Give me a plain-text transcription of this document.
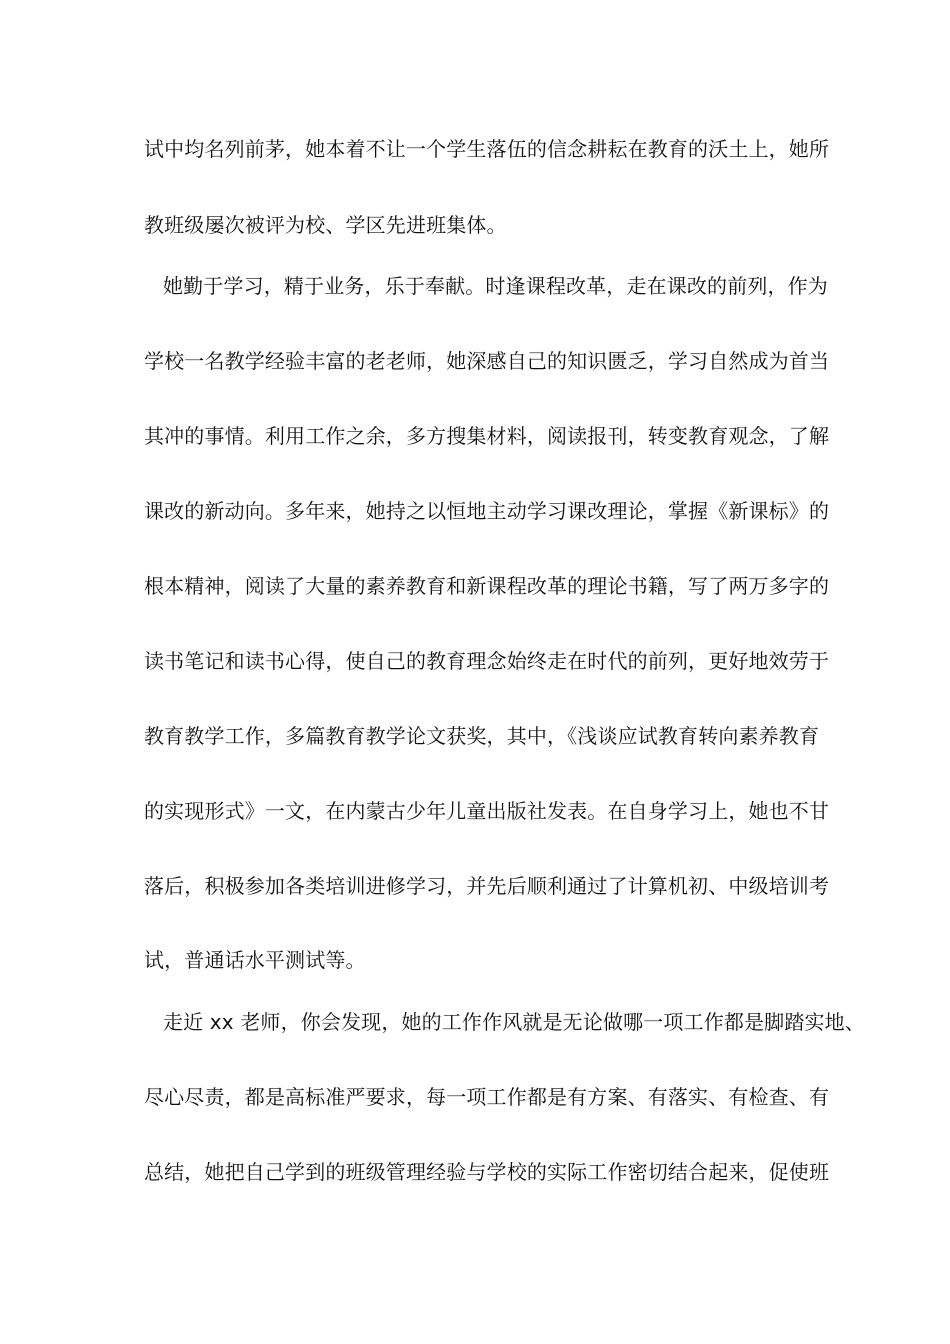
试中均名列前茅，她本着不让一个学生落伍的信念耕耘在教育的沃土上，她所
教班级屡次被评为校、学区先进班集体。
她勤于学习，精于业务，乐于奉献。时逢课程改革，走在课改的前列，作为
学校一名教学经验丰富的老老师，她深感自己的知识匮乏，学习自然成为首当
其冲的事情。利用工作之余，多方搜集材料，阅读报刊，转变教育观念，了解
课改的新动向。多年来，她持之以恒地主动学习课改理论，掌握《新课标》的
根本精神，阅读了大量的素养教育和新课程改革的理论书籍，写了两万多字的
读书笔记和读书心得，使自己的教育理念始终走在时代的前列，更好地效劳于
教育教学工作，多篇教育教学论文获奖，其中，《浅谈应试教育转向素养教育
的实现形式》一文，在内蒙古少年儿童出版社发表。在自身学习上，她也不甘
落后，积极参加各类培训进修学习，并先后顺利通过了计算机初、中级培训考
试，普通话水平测试等。
走近 xx 老师，你会发现，她的工作作风就是无论做哪一项工作都是脚踏实地、
尽心尽责，都是高标准严要求，每一项工作都是有方案、有落实、有检查、有
总结，她把自己学到的班级管理经验与学校的实际工作密切结合起来，促使班
